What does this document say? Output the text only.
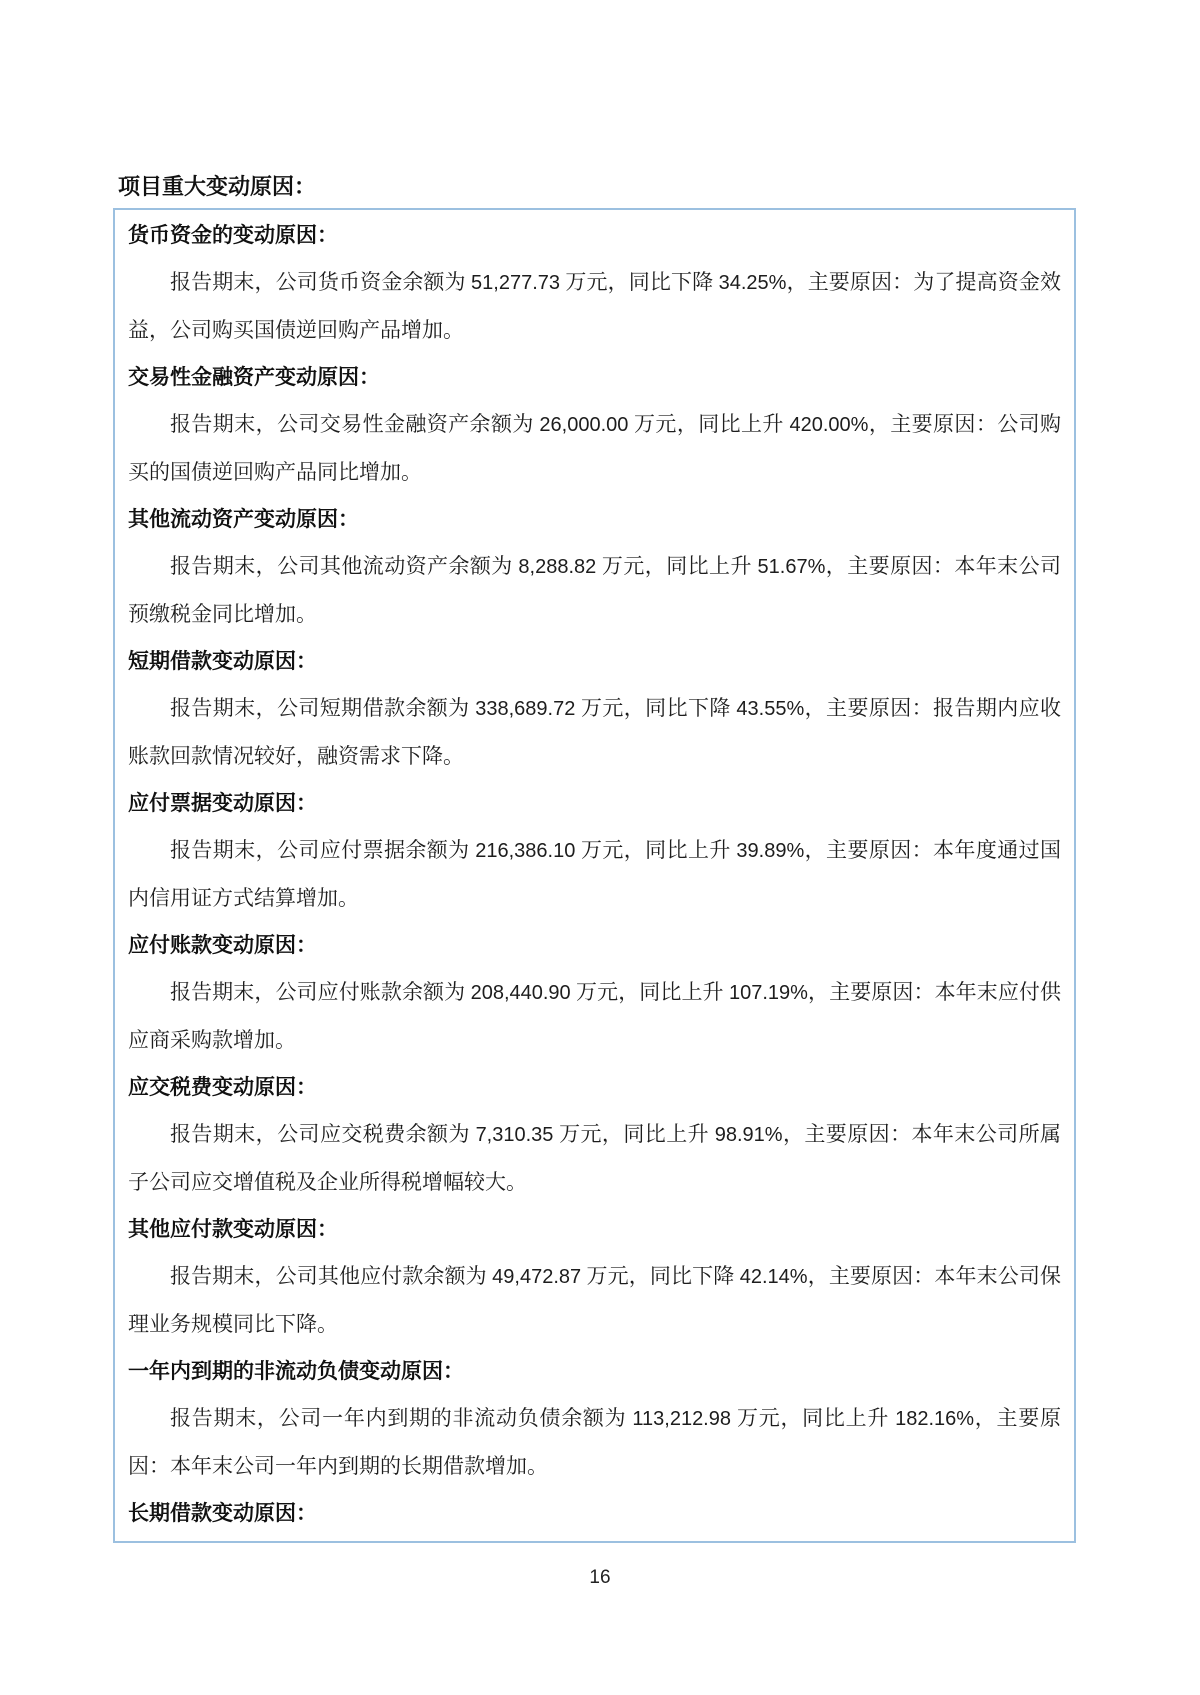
项目重大变动原因：
货币资金的变动原因：

报告期末，公司货币资金余额为 51,277.73 万元，同比下降 34.25%，主要原因：为了提高资金效益，公司购买国债逆回购产品增加。

交易性金融资产变动原因：

报告期末，公司交易性金融资产余额为 26,000.00 万元，同比上升 420.00%，主要原因：公司购买的国债逆回购产品同比增加。

其他流动资产变动原因：

报告期末，公司其他流动资产余额为 8,288.82 万元，同比上升 51.67%，主要原因：本年末公司预缴税金同比增加。

短期借款变动原因：

报告期末，公司短期借款余额为 338,689.72 万元，同比下降 43.55%，主要原因：报告期内应收账款回款情况较好，融资需求下降。

应付票据变动原因：

报告期末，公司应付票据余额为 216,386.10 万元，同比上升 39.89%，主要原因：本年度通过国内信用证方式结算增加。

应付账款变动原因：

报告期末，公司应付账款余额为 208,440.90 万元，同比上升 107.19%，主要原因：本年末应付供应商采购款增加。

应交税费变动原因：

报告期末，公司应交税费余额为 7,310.35 万元，同比上升 98.91%，主要原因：本年末公司所属子公司应交增值税及企业所得税增幅较大。

其他应付款变动原因：

报告期末，公司其他应付款余额为 49,472.87 万元，同比下降 42.14%，主要原因：本年末公司保理业务规模同比下降。

一年内到期的非流动负债变动原因：

报告期末，公司一年内到期的非流动负债余额为 113,212.98 万元，同比上升 182.16%，主要原因：本年末公司一年内到期的长期借款增加。

长期借款变动原因：
16
